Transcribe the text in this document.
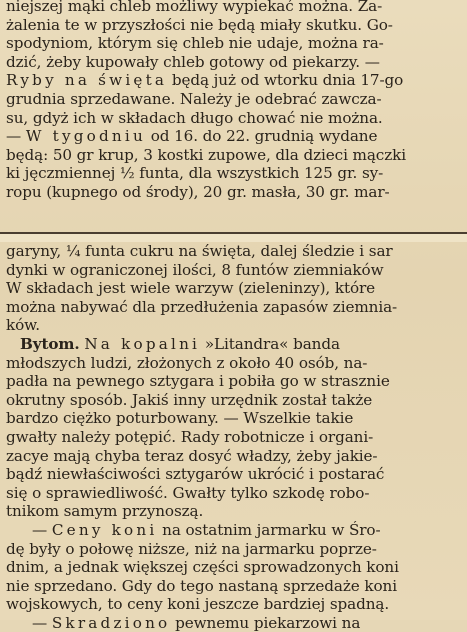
niejszej mąki chleb możliwy wypiekać można. Za-
żalenia te w przyszłości nie będą miały skutku. Go-
spodyniom, którym się chleb nie udaje, można ra-
dzić, żeby kupowały chleb gotowy od piekarzy. —
Ryby na święta będą już od wtorku dnia 17-go
grudnia sprzedawane. Należy je odebrać zawcza-
su, gdyż ich w składach długo chować nie można.
— W tygodniu od 16. do 22. grudnią wydane
będą: 50 gr krup, 3 kostki zupowe, dla dzieci mączki
ki jęczmiennej ½ funta, dla wszystkich 125 gr. sy-
ropu (kupnego od środy), 20 gr. masła, 30 gr. mar-
garyny, ¼ funta cukru na święta, dalej śledzie i sar
dynki w ograniczonej ilości, 8 funtów ziemniaków
W składach jest wiele warzyw (zieleninzy), które
można nabywać dla przedłużenia zapasów ziemnia-
ków.
Bytom. Na kopalni »Litandra« banda
młodszych ludzi, złożonych z około 40 osób, na-
padła na pewnego sztygara i pobiła go w strasznie
okrutny sposób. Jakiś inny urzędnik został także
bardzo ciężko poturbowany. — Wszelkie takie
gwałty należy potępić. Rady robotnicze i organi-
zacye mają chyba teraz dosyć władzy, żeby jakie-
bądź niewłaściwości sztygarów ukrócić i postarać
się o sprawiedliwość. Gwałty tylko szkodę robo-
tnikom samym przynoszą.
— Ceny koni na ostatnim jarmarku w Śro-
dę były o połowę niższe, niż na jarmarku poprze-
dnim, a jednak większej części sprowadzonych koni
nie sprzedano. Gdy do tego nastaną sprzedaże koni
wojskowych, to ceny koni jeszcze bardziej spadną.
— Skradziono pewnemu piekarzowi na
